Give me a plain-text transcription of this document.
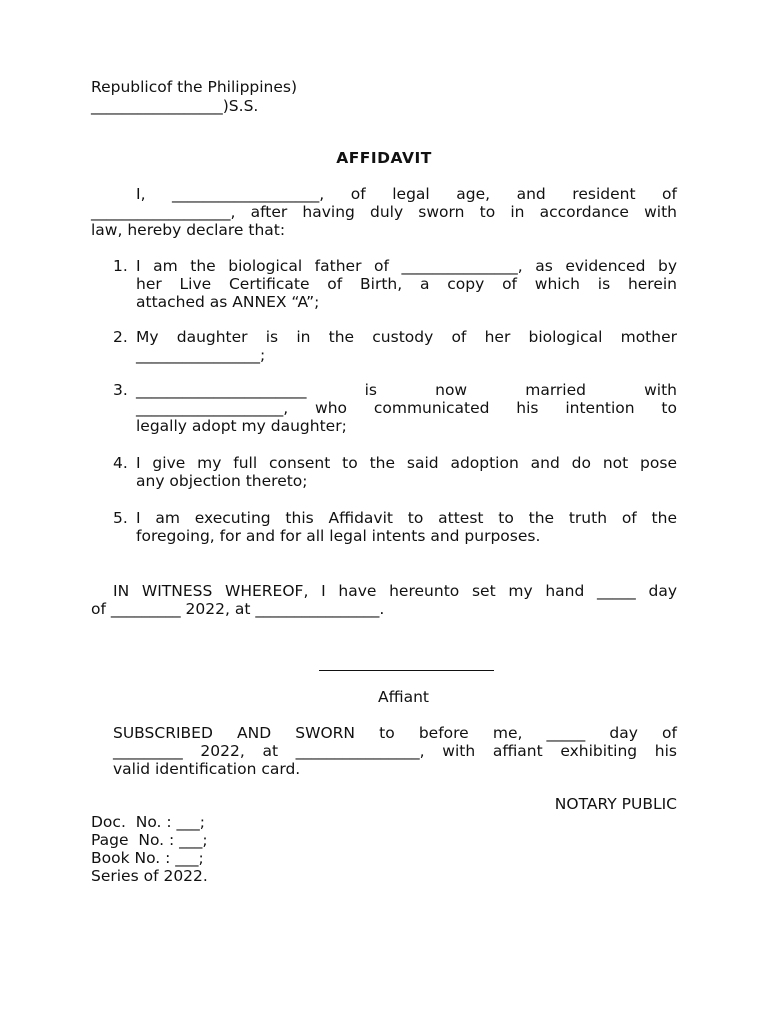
Republicof the Philippines)
_________________)S.S.
AFFIDAVIT
I, ___________________, of legal age, and resident of
__________________, after having duly sworn to in accordance with
law, hereby declare that:
1. I am the biological father of _______________, as evidenced by
her Live Certificate of Birth, a copy of which is herein
attached as ANNEX “A”;
2. My daughter is in the custody of her biological mother
________________;
3. ______________________ is now married with
___________________, who communicated his intention to
legally adopt my daughter;
4. I give my full consent to the said adoption and do not pose
any objection thereto;
5. I am executing this Affidavit to attest to the truth of the
foregoing, for and for all legal intents and purposes.
IN WITNESS WHEREOF, I have hereunto set my hand _____ day
of _________ 2022, at ________________.
Affiant
SUBSCRIBED AND SWORN to before me, _____ day of
_________ 2022, at ________________, with affiant exhibiting his
valid identification card.
NOTARY PUBLIC
Doc.  No. : ___;
Page  No. : ___;
Book No. : ___;
Series of 2022.
